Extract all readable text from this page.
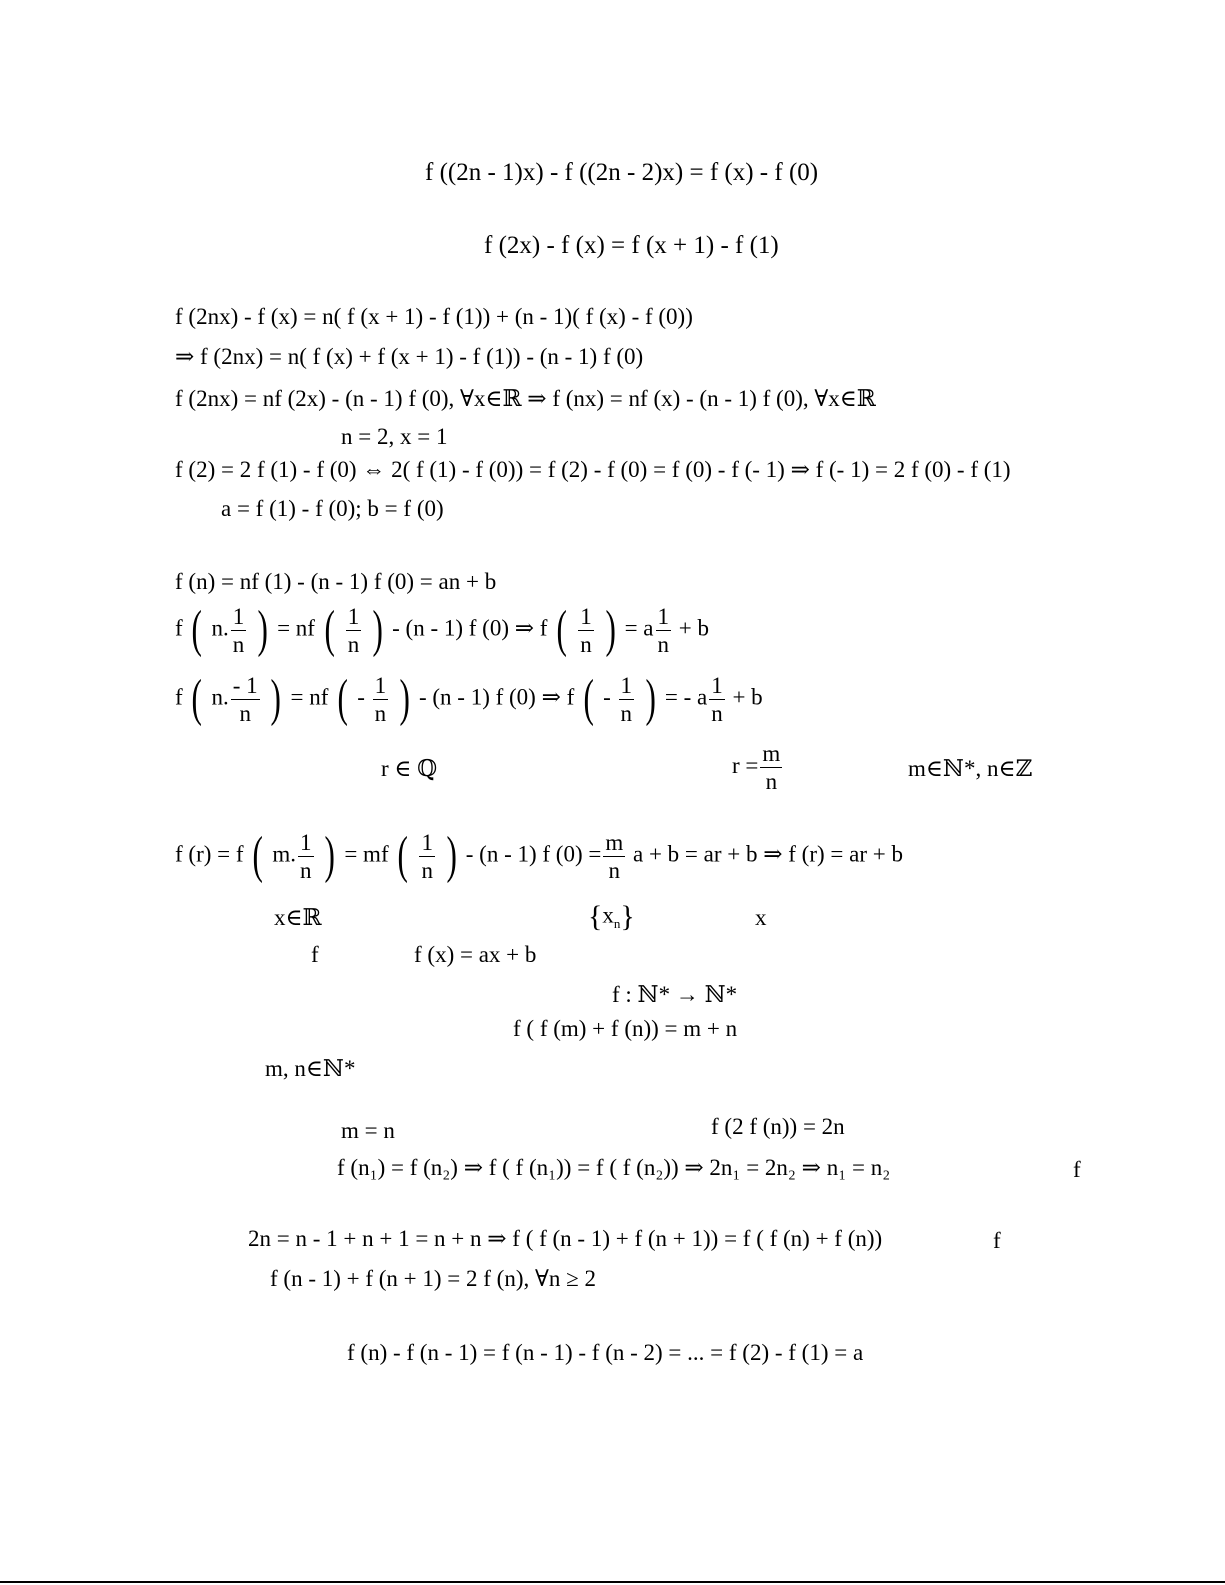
f ((2n - 1)x) - f ((2n - 2)x) = f (x) - f (0)
f (2x) - f (x) = f (x + 1) - f (1)
f (2nx) - f (x) = n( f (x + 1) - f (1)) + (n - 1)( f (x) - f (0))
⇒ f (2nx) = n( f (x) + f (x + 1) - f (1)) - (n - 1) f (0)
f (2nx) = nf (2x) - (n - 1) f (0), ∀x∈ℝ ⇒ f (nx) = nf (x) - (n - 1) f (0), ∀x∈ℝ
n = 2, x = 1
f (2) = 2 f (1) - f (0) ⇔ 2( f (1) - f (0)) = f (2) - f (0) = f (0) - f (- 1) ⇒ f (- 1) = 2 f (0) - f (1)
a = f (1) - f (0); b = f (0)
f (n) = nf (1) - (n - 1) f (0) = an + b
f ( n. $\frac{1}{n}$ ) = nf ( $\frac{1}{n}$ ) - (n - 1) f (0) ⇒ f ( $\frac{1}{n}$ ) = a $\frac{1}{n} + b$
f ( n. $\frac{- 1}{n}$ ) = nf ( - $\frac{1}{n}$ ) - (n - 1) f (0) ⇒ f ( - $\frac{1}{n}$ ) = - a $\frac{1}{n} + b$
r ∈ ℚ	$r = \frac{m}{n}$	m∈ℕ*, n∈ℤ
f (r) = f ( m. $\frac{1}{n}$ ) = mf ( $\frac{1}{n}$ ) - (n - 1) f $(0) = \frac{m}{n}$ a + b = ar + b ⇒ f (r) = ar + b
x∈ℝ	$\{x_n\}$	x
f	f (x) = ax + b
f : ℕ* → ℕ*
f ( f (m) + f (n)) = m + n
m, n∈ℕ*
m = n	f (2 f (n)) = 2n
f (n₁) = f (n₂) ⇒ f ( f (n₁)) = f ( f (n₂)) ⇒ 2n₁ = 2n₂ ⇒ n₁ = n₂	f
2n = n - 1 + n + 1 = n + n ⇒ f ( f (n - 1) + f (n + 1)) = f ( f (n) + f (n))	f
f (n - 1) + f (n + 1) = 2 f (n), ∀n ≥ 2
f (n) - f (n - 1) = f (n - 1) - f (n - 2) = ... = f (2) - f (1) = a
